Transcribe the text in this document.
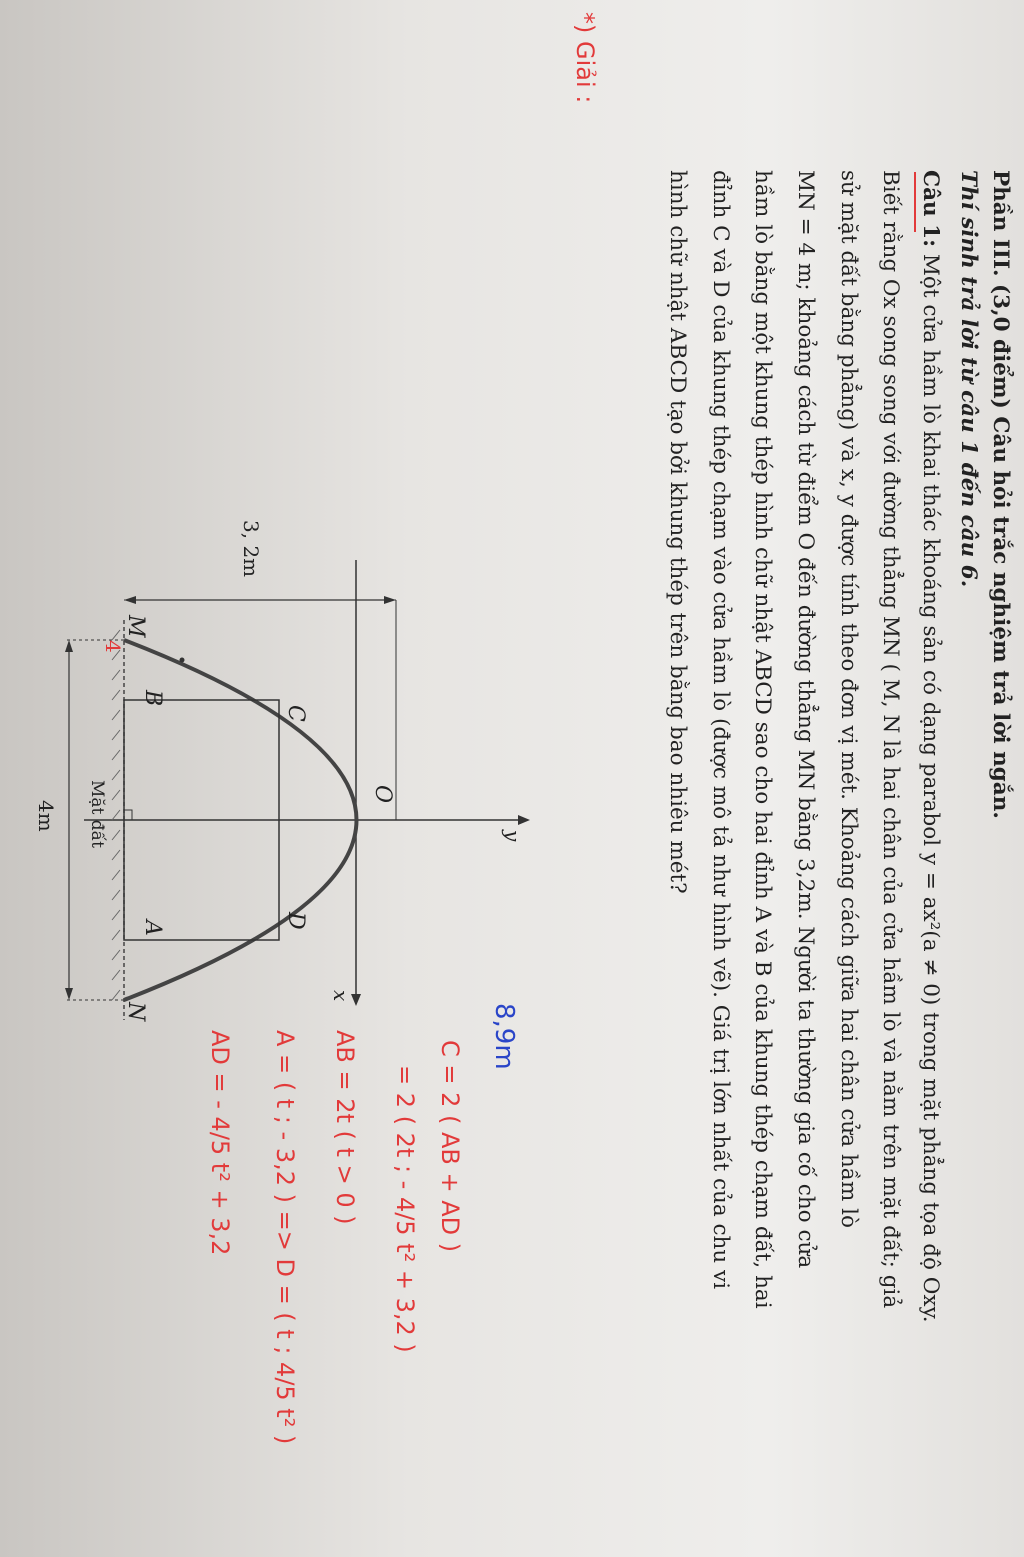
Phần III. (3,0 điểm) Câu hỏi trắc nghiệm trả lời ngắn.
Thí sinh trả lời từ câu 1 đến câu 6.
Câu 1: Một cửa hầm lò khai thác khoáng sản có dạng parabol y = ax²(a ≠ 0) trong mặt phẳng tọa độ Oxy.
Biết rằng Ox song song với đường thẳng MN ( M, N là hai chân của cửa hầm lò và nằm trên mặt đất; giả
sử mặt đất bằng phẳng) và x, y được tính theo đơn vị mét. Khoảng cách giữa hai chân cửa hầm lò
MN = 4 m; khoảng cách từ điểm O đến đường thẳng MN bằng 3,2m. Người ta thường gia cố cho cửa
hầm lò bằng một khung thép hình chữ nhật ABCD sao cho hai đỉnh A và B của khung thép chạm đất, hai
đỉnh C và D của khung thép chạm vào cửa hầm lò (được mô tả như hình vẽ). Giá trị lớn nhất của chu vi
hình chữ nhật ABCD tạo bởi khung thép trên bằng bao nhiêu mét?
*) Giải :
y
x
O
C
D
B
A
M
N
3, 2m
4m Mặt đất
4
8,9m
C = 2 ( AB + AD )
= 2 ( 2t ; - 4/5 t² + 3,2 )
AB = 2t ( t > 0 )
A = ( t ; - 3,2 ) => D = ( t ; 4/5 t² )
AD = - 4/5 t² + 3,2
